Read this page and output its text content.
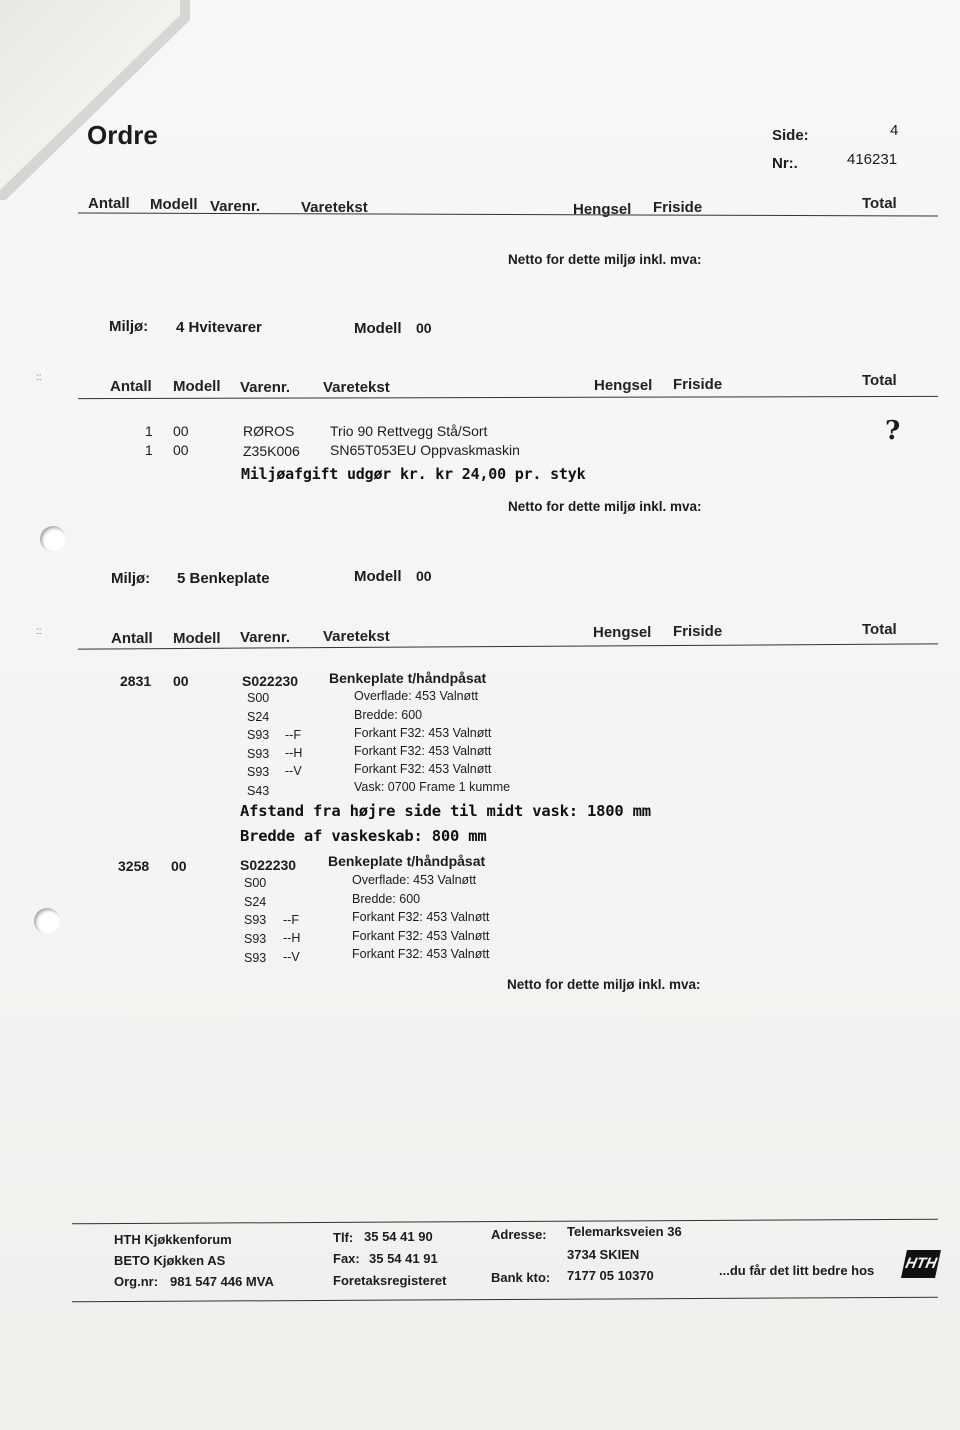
::
::
Ordre	Side:	4
Nr:.	416231
Antall Modell Varenr.	Varetekst	Hengsel Friside	Total
Netto for dette miljø inkl. mva:
Miljø: 4 Hvitevarer	Modell 00
Antall Modell Varenr. Varetekst	Hengsel Friside	Total
1 00	RØROS	Trio 90 Rettvegg Stå/Sort
1 00	Z35K006 SN65T053EU Oppvaskmaskin
Miljøafgift udgør kr. kr 24,00 pr. styk
?
Netto for dette miljø inkl. mva:
Miljø: 5 Benkeplate	Modell 00
Antall Modell Varenr. Varetekst	Hengsel Friside	Total
2831 00	S022230 Benkeplate t/håndpåsat
S00	Overflade: 453 Valnøtt
S24	Bredde: 600
S93 --F	Forkant F32: 453 Valnøtt
S93 --H	Forkant F32: 453 Valnøtt
S93 --V	Forkant F32: 453 Valnøtt
S43	Vask: 0700 Frame 1 kumme
Afstand fra højre side til midt vask: 1800 mm
Bredde af vaskeskab: 800 mm
3258 00	S022230 Benkeplate t/håndpåsat
S00	Overflade: 453 Valnøtt
S24	Bredde: 600
S93 --F	Forkant F32: 453 Valnøtt
S93 --H	Forkant F32: 453 Valnøtt
S93 --V	Forkant F32: 453 Valnøtt
Netto for dette miljø inkl. mva:
HTH Kjøkkenforum
BETO Kjøkken AS
Org.nr: 981 547 446 MVA
Tlf: 35 54 41 90
Fax: 35 54 41 91
Foretaksregisteret
Adresse: Telemarksveien 36
3734 SKIEN
Bank kto: 7177 05 10370	...du får det litt bedre hos HTH
